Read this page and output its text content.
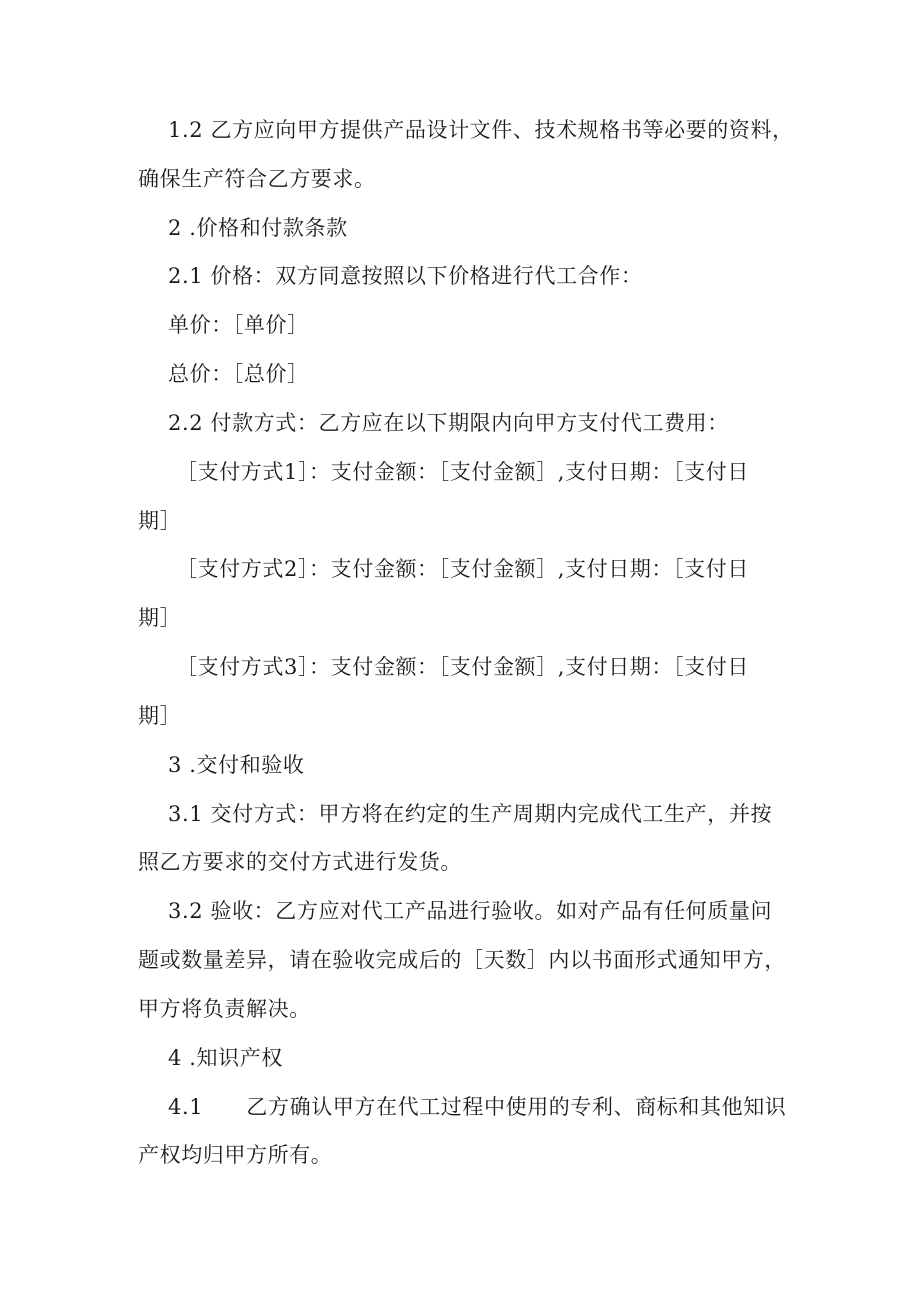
1.2 乙方应向甲方提供产品设计文件、技术规格书等必要的资料，
确保生产符合乙方要求。
2 .价格和付款条款
2.1 价格：双方同意按照以下价格进行代工合作：
单价：［单价］
总价：［总价］
2.2 付款方式：乙方应在以下期限内向甲方支付代工费用：
［支付方式1］：支付金额：［支付金额］,支付日期：［支付日
期］
［支付方式2］：支付金额：［支付金额］,支付日期：［支付日
期］
［支付方式3］：支付金额：［支付金额］,支付日期：［支付日
期］
3 .交付和验收
3.1 交付方式：甲方将在约定的生产周期内完成代工生产，并按
照乙方要求的交付方式进行发货。
3.2 验收：乙方应对代工产品进行验收。如对产品有任何质量问
题或数量差异，请在验收完成后的［天数］内以书面形式通知甲方，
甲方将负责解决。
4 .知识产权
4.1　　乙方确认甲方在代工过程中使用的专利、商标和其他知识
产权均归甲方所有。
